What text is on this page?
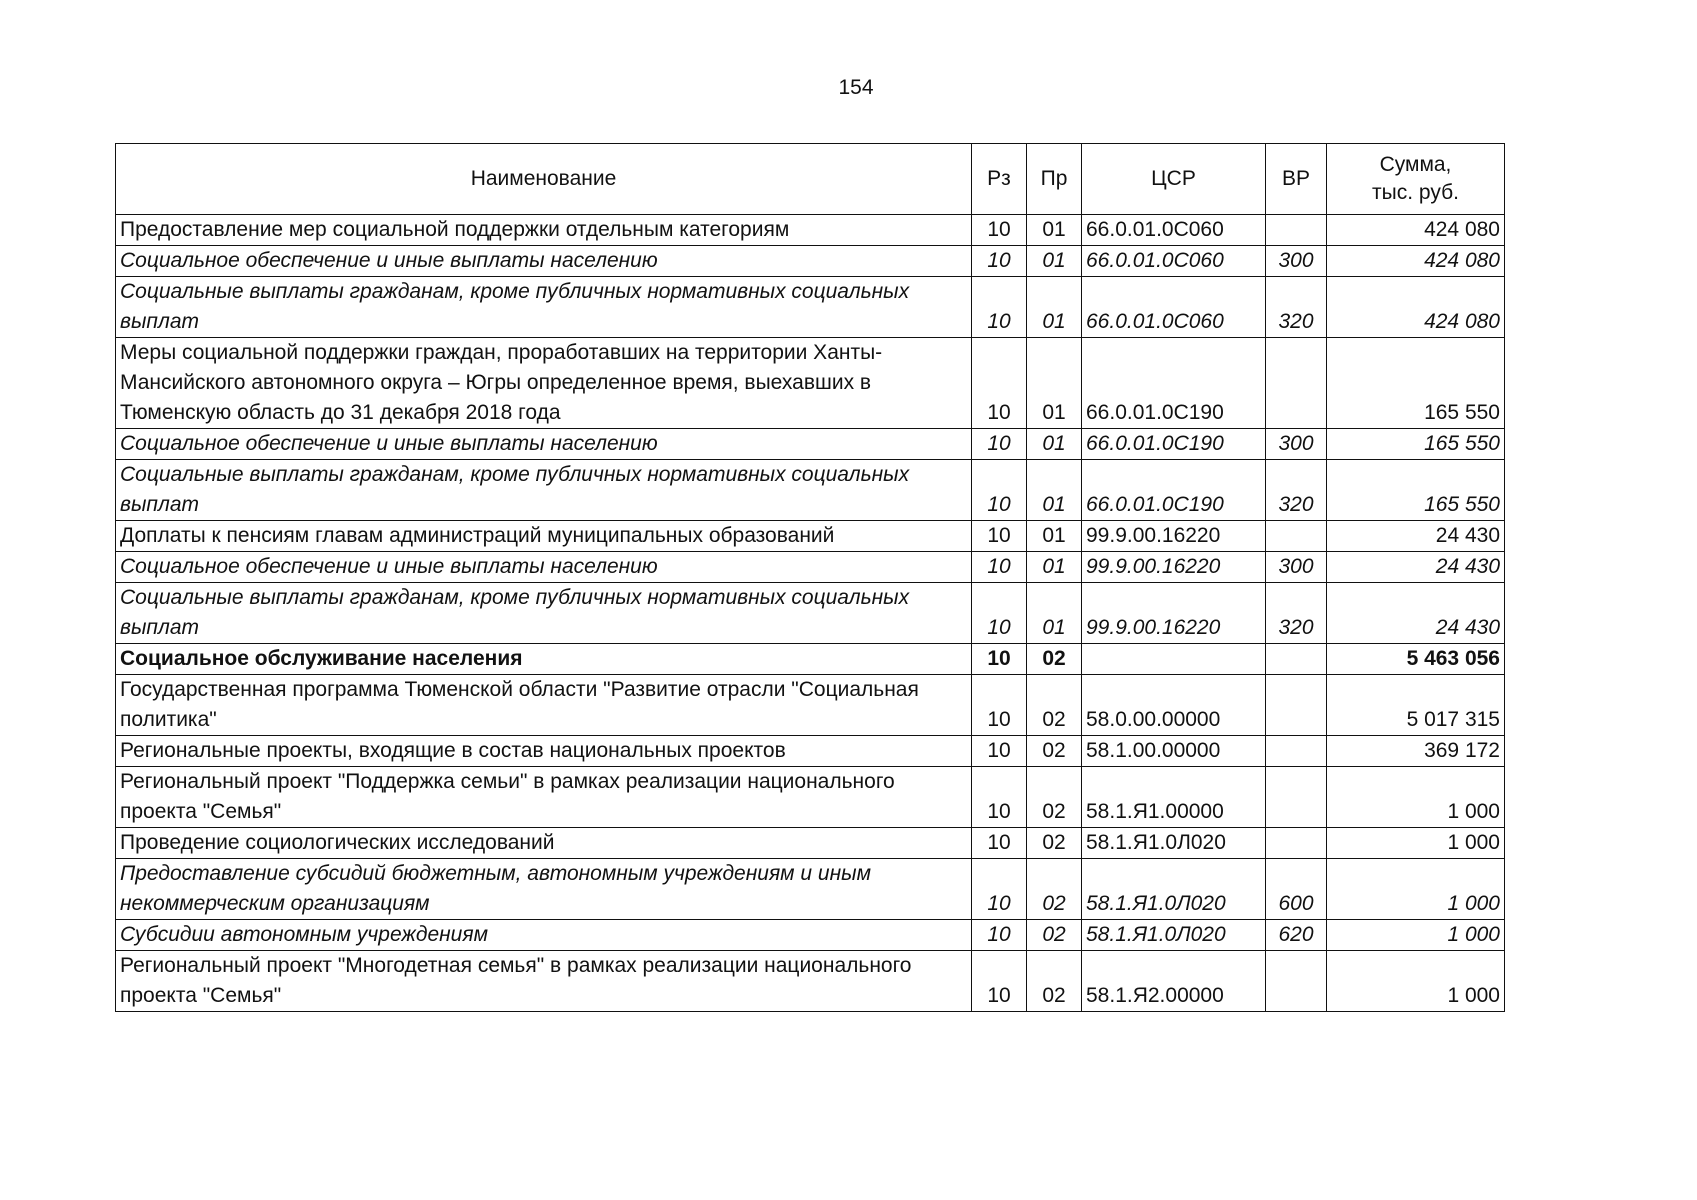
154
Наименование	Рз	Пр	ЦСР	ВР	Сумма,
тыс. руб.
Предоставление мер социальной поддержки отдельным категориям	10	01	66.0.01.0С060		424 080
Социальное обеспечение и иные выплаты населению	10	01	66.0.01.0С060	300	424 080
Социальные выплаты гражданам, кроме публичных нормативных социальных выплат	10	01	66.0.01.0С060	320	424 080
Меры социальной поддержки граждан, проработавших на территории Ханты-Мансийского автономного округа – Югры определенное время, выехавших в Тюменскую область до 31 декабря 2018 года	10	01	66.0.01.0С190		165 550
Социальное обеспечение и иные выплаты населению	10	01	66.0.01.0С190	300	165 550
Социальные выплаты гражданам, кроме публичных нормативных социальных выплат	10	01	66.0.01.0С190	320	165 550
Доплаты к пенсиям главам администраций муниципальных образований	10	01	99.9.00.16220		24 430
Социальное обеспечение и иные выплаты населению	10	01	99.9.00.16220	300	24 430
Социальные выплаты гражданам, кроме публичных нормативных социальных выплат	10	01	99.9.00.16220	320	24 430
Социальное обслуживание населения	10	02			5 463 056
Государственная программа Тюменской области "Развитие отрасли "Социальная политика"	10	02	58.0.00.00000		5 017 315
Региональные проекты, входящие в состав национальных проектов	10	02	58.1.00.00000		369 172
Региональный проект "Поддержка семьи" в рамках реализации национального проекта "Семья"	10	02	58.1.Я1.00000		1 000
Проведение социологических исследований	10	02	58.1.Я1.0Л020		1 000
Предоставление субсидий бюджетным, автономным учреждениям и иным некоммерческим организациям	10	02	58.1.Я1.0Л020	600	1 000
Субсидии автономным учреждениям	10	02	58.1.Я1.0Л020	620	1 000
Региональный проект "Многодетная семья" в рамках реализации национального проекта "Семья"	10	02	58.1.Я2.00000		1 000
